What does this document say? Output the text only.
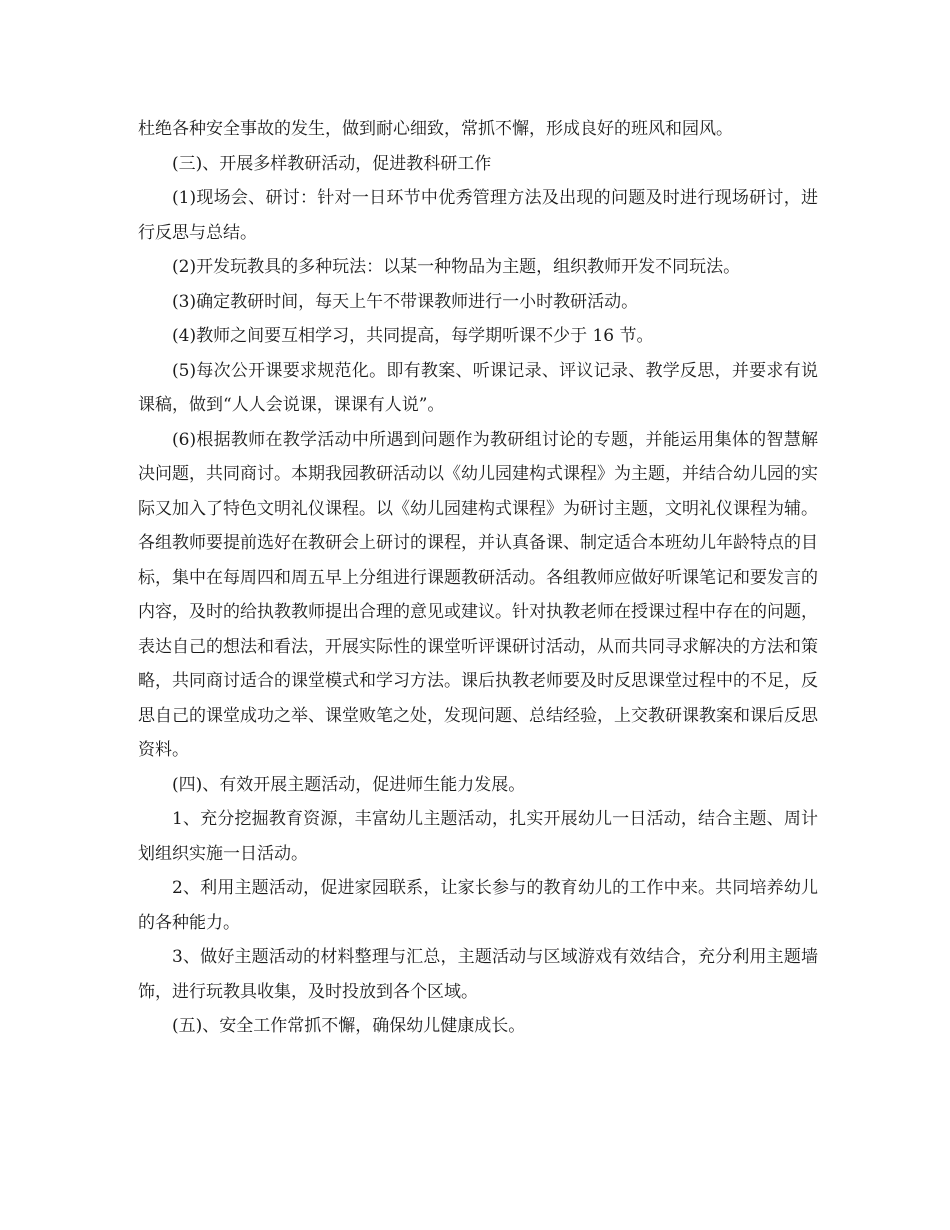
杜绝各种安全事故的发生，做到耐心细致，常抓不懈，形成良好的班风和园风。

(三)、开展多样教研活动，促进教科研工作

(1)现场会、研讨：针对一日环节中优秀管理方法及出现的问题及时进行现场研讨，进行反思与总结。

(2)开发玩教具的多种玩法：以某一种物品为主题，组织教师开发不同玩法。

(3)确定教研时间，每天上午不带课教师进行一小时教研活动。

(4)教师之间要互相学习，共同提高，每学期听课不少于 16 节。

(5)每次公开课要求规范化。即有教案、听课记录、评议记录、教学反思，并要求有说课稿，做到“人人会说课，课课有人说”。

(6)根据教师在教学活动中所遇到问题作为教研组讨论的专题，并能运用集体的智慧解决问题，共同商讨。本期我园教研活动以《幼儿园建构式课程》为主题，并结合幼儿园的实际又加入了特色文明礼仪课程。以《幼儿园建构式课程》为研讨主题，文明礼仪课程为辅。各组教师要提前选好在教研会上研讨的课程，并认真备课、制定适合本班幼儿年龄特点的目标，集中在每周四和周五早上分组进行课题教研活动。各组教师应做好听课笔记和要发言的内容，及时的给执教教师提出合理的意见或建议。针对执教老师在授课过程中存在的问题，表达自己的想法和看法，开展实际性的课堂听评课研讨活动，从而共同寻求解决的方法和策略，共同商讨适合的课堂模式和学习方法。课后执教老师要及时反思课堂过程中的不足，反思自己的课堂成功之举、课堂败笔之处，发现问题、总结经验，上交教研课教案和课后反思资料。

(四)、有效开展主题活动，促进师生能力发展。

1、充分挖掘教育资源，丰富幼儿主题活动，扎实开展幼儿一日活动，结合主题、周计划组织实施一日活动。

2、利用主题活动，促进家园联系，让家长参与的教育幼儿的工作中来。共同培养幼儿的各种能力。

3、做好主题活动的材料整理与汇总，主题活动与区域游戏有效结合，充分利用主题墙饰，进行玩教具收集，及时投放到各个区域。

(五)、安全工作常抓不懈，确保幼儿健康成长。
